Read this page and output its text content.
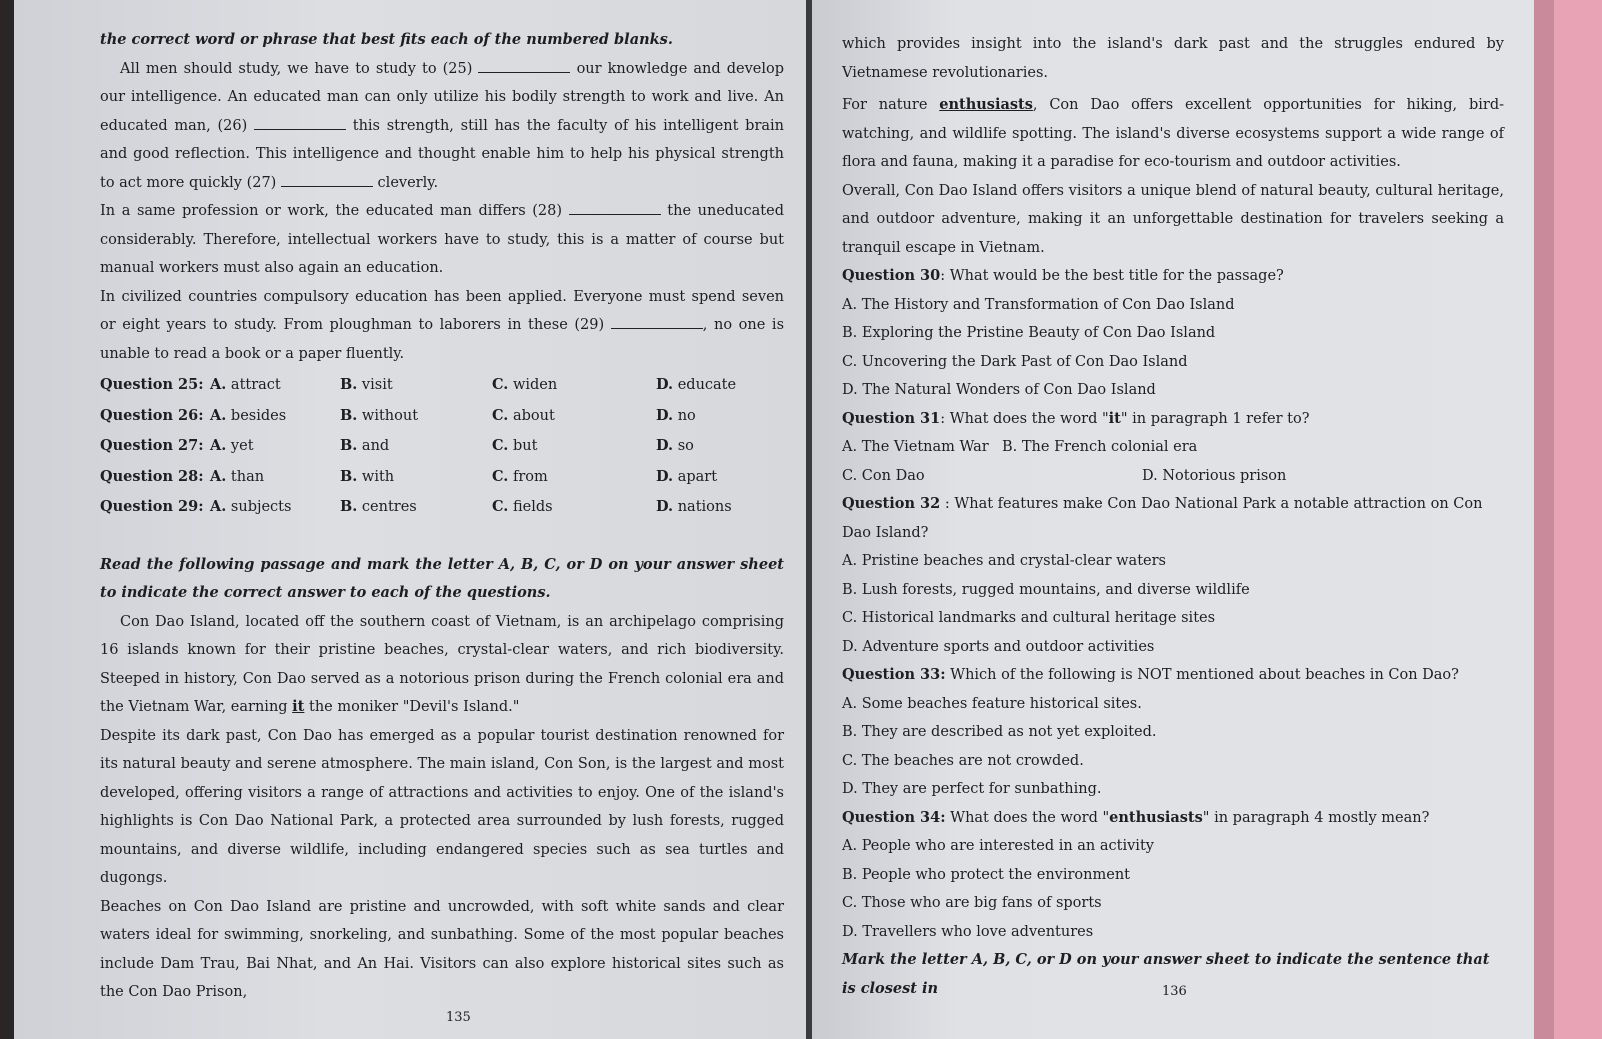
the correct word or phrase that best fits each of the numbered blanks.

All men should study, we have to study to (25)	our knowledge and develop our intelligence. An educated man can only utilize his bodily strength to work and live. An educated man, (26)	this strength, still has the faculty of his intelligent brain and good reflection. This intelligence and thought enable him to help his physical strength to act more quickly (27)	cleverly.

In a same profession or work, the educated man differs (28)	the uneducated considerably. Therefore, intellectual workers have to study, this is a matter of course but manual workers must also again an education.

In civilized countries compulsory education has been applied. Everyone must spend seven or eight years to study. From ploughman to laborers in these (29)	, no one is unable to read a book or a paper fluently.

Question 25: A. attract	B. visit	C. widen	D. educate
Question 26: A. besides	B. without	C. about	D. no
Question 27: A. yet	B. and	C. but	D. so
Question 28: A. than	B. with	C. from	D. apart
Question 29: A. subjects	B. centres	C. fields	D. nations

Read the following passage and mark the letter A, B, C, or D on your answer sheet to indicate the correct answer to each of the questions.

Con Dao Island, located off the southern coast of Vietnam, is an archipelago comprising 16 islands known for their pristine beaches, crystal-clear waters, and rich biodiversity. Steeped in history, Con Dao served as a notorious prison during the French colonial era and the Vietnam War, earning it the moniker "Devil's Island."

Despite its dark past, Con Dao has emerged as a popular tourist destination renowned for its natural beauty and serene atmosphere. The main island, Con Son, is the largest and most developed, offering visitors a range of attractions and activities to enjoy. One of the island's highlights is Con Dao National Park, a protected area surrounded by lush forests, rugged mountains, and diverse wildlife, including endangered species such as sea turtles and dugongs.

Beaches on Con Dao Island are pristine and uncrowded, with soft white sands and clear waters ideal for swimming, snorkeling, and sunbathing. Some of the most popular beaches include Dam Trau, Bai Nhat, and An Hai. Visitors can also explore historical sites such as the Con Dao Prison,

135

which provides insight into the island's dark past and the struggles endured by Vietnamese revolutionaries.

For nature enthusiasts, Con Dao offers excellent opportunities for hiking, bird-watching, and wildlife spotting. The island's diverse ecosystems support a wide range of flora and fauna, making it a paradise for eco-tourism and outdoor activities.

Overall, Con Dao Island offers visitors a unique blend of natural beauty, cultural heritage, and outdoor adventure, making it an unforgettable destination for travelers seeking a tranquil escape in Vietnam.

Question 30: What would be the best title for the passage?
A. The History and Transformation of Con Dao Island
B. Exploring the Pristine Beauty of Con Dao Island
C. Uncovering the Dark Past of Con Dao Island
D. The Natural Wonders of Con Dao Island
Question 31: What does the word "it" in paragraph 1 refer to?
A. The Vietnam War B. The French colonial era
C. Con Dao	D. Notorious prison
Question 32 : What features make Con Dao National Park a notable attraction on Con Dao Island?
A. Pristine beaches and crystal-clear waters
B. Lush forests, rugged mountains, and diverse wildlife
C. Historical landmarks and cultural heritage sites
D. Adventure sports and outdoor activities
Question 33: Which of the following is NOT mentioned about beaches in Con Dao?
A. Some beaches feature historical sites.
B. They are described as not yet exploited.
C. The beaches are not crowded.
D. They are perfect for sunbathing.
Question 34: What does the word "enthusiasts" in paragraph 4 mostly mean?
A. People who are interested in an activity
B. People who protect the environment
C. Those who are big fans of sports
D. Travellers who love adventures
Mark the letter A, B, C, or D on your answer sheet to indicate the sentence that is closest in	136
